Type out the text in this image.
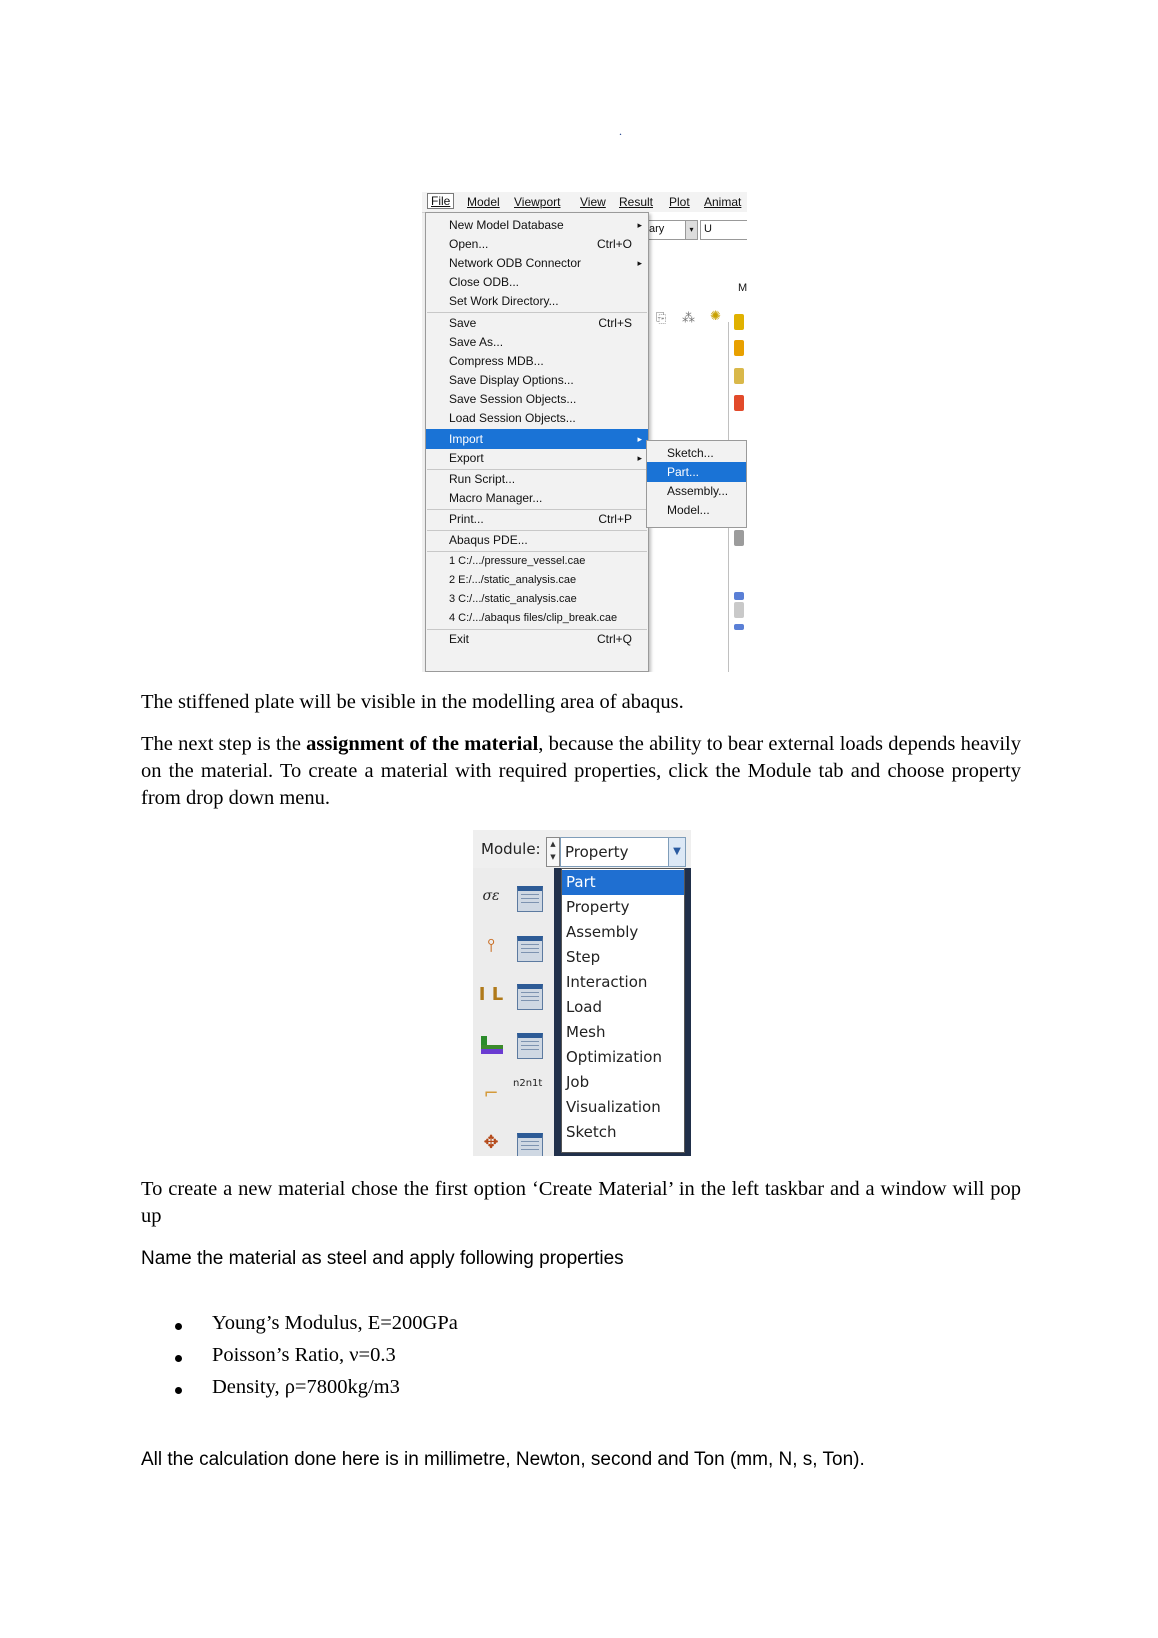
.
File	Model Viewport View Result Plot Animat
ary	▾ U
M
⎘ ⁂ ✺
New Model Database	▸
Open...	Ctrl+O
Network ODB Connector	▸
Close ODB...
Set Work Directory...
Save	Ctrl+S
Save As...
Compress MDB...
Save Display Options...
Save Session Objects...
Load Session Objects...
Import	▸
Export	▸
Run Script...
Macro Manager...
Print...	Ctrl+P
Abaqus PDE...
1 C:/.../pressure_vessel.cae
2 E:/.../static_analysis.cae
3 C:/.../static_analysis.cae
4 C:/.../abaqus files/clip_break.cae
Exit	Ctrl+Q
Sketch...
Part...
Assembly...
Model...
The stiffened plate will be visible in the modelling area of abaqus.
The next step is the assignment of the material, because the ability to bear external loads depends heavily on the material. To create a material with required properties, click the Module tab and choose property from drop down menu.
Module:	▲
▼ Property	▼
σε
⫯
I L
⌐	n2n1t
✥
Part
Property
Assembly
Step
Interaction
Load
Mesh
Optimization
Job
Visualization
Sketch
To create a new material chose the first option ‘Create Material’ in the left taskbar and a window will pop up
Name the material as steel and apply following properties
Young’s Modulus, E=200GPa
Poisson’s Ratio, ν=0.3
Density, ρ=7800kg/m3
All the calculation done here is in millimetre, Newton, second and Ton (mm, N, s, Ton).
